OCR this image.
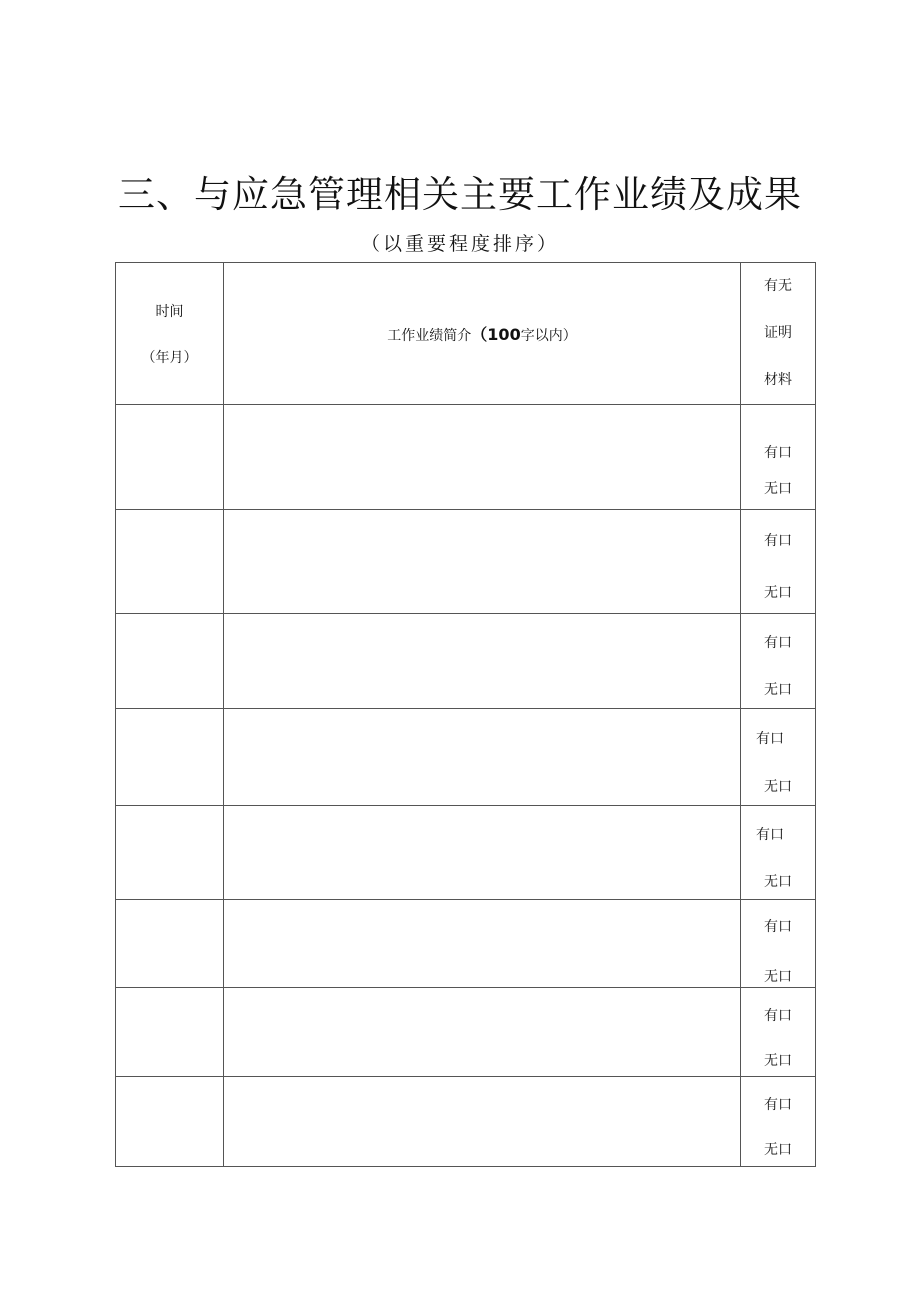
三、与应急管理相关主要工作业绩及成果
（以重要程度排序）
时间
（年月）	工作业绩简介（100字以内）	有无
证明
材料

		有口
无口

		有口
无口

		有口
无口

		有口
无口

		有口
无口

		有口
无口

		有口
无口

		有口
无口
